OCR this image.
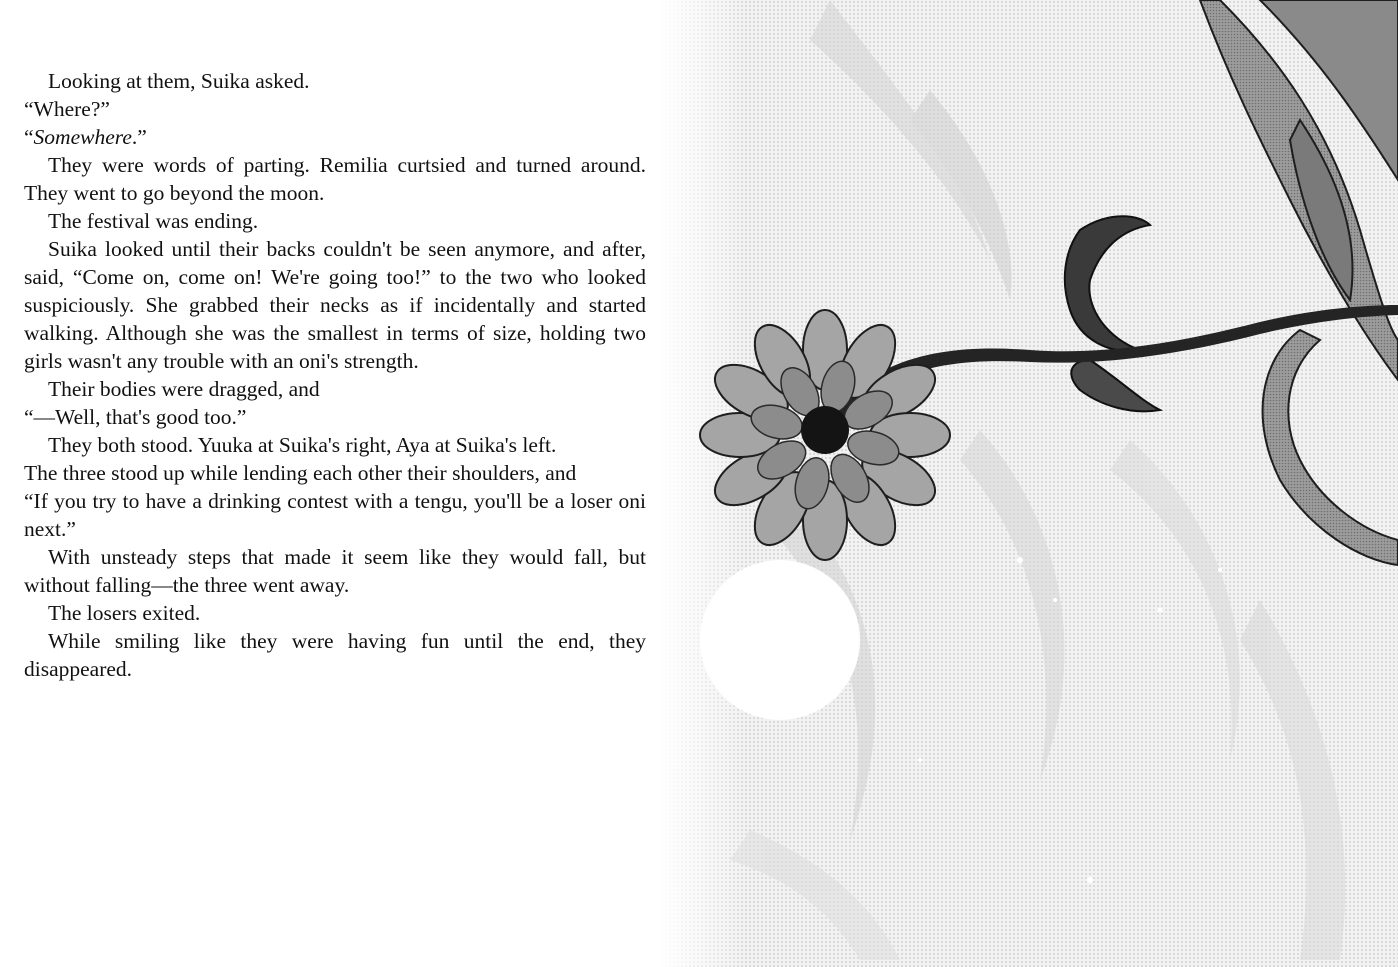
Looking at them, Suika asked.

“Where?”

“Somewhere.”

They were words of parting. Remilia curtsied and turned around. They went to go beyond the moon.

The festival was ending.

Suika looked until their backs couldn't be seen anymore, and after, said, “Come on, come on! We're going too!” to the two who looked suspiciously. She grabbed their necks as if incidentally and started walking. Although she was the smallest in terms of size, holding two girls wasn't any trouble with an oni's strength.

Their bodies were dragged, and

“—Well, that's good too.”

They both stood. Yuuka at Suika's right, Aya at Suika's left.

The three stood up while lending each other their shoulders, and

“If you try to have a drinking contest with a tengu, you'll be a loser oni next.”

With unsteady steps that made it seem like they would fall, but without falling—the three went away.

The losers exited.

While smiling like they were having fun until the end, they disappeared.
